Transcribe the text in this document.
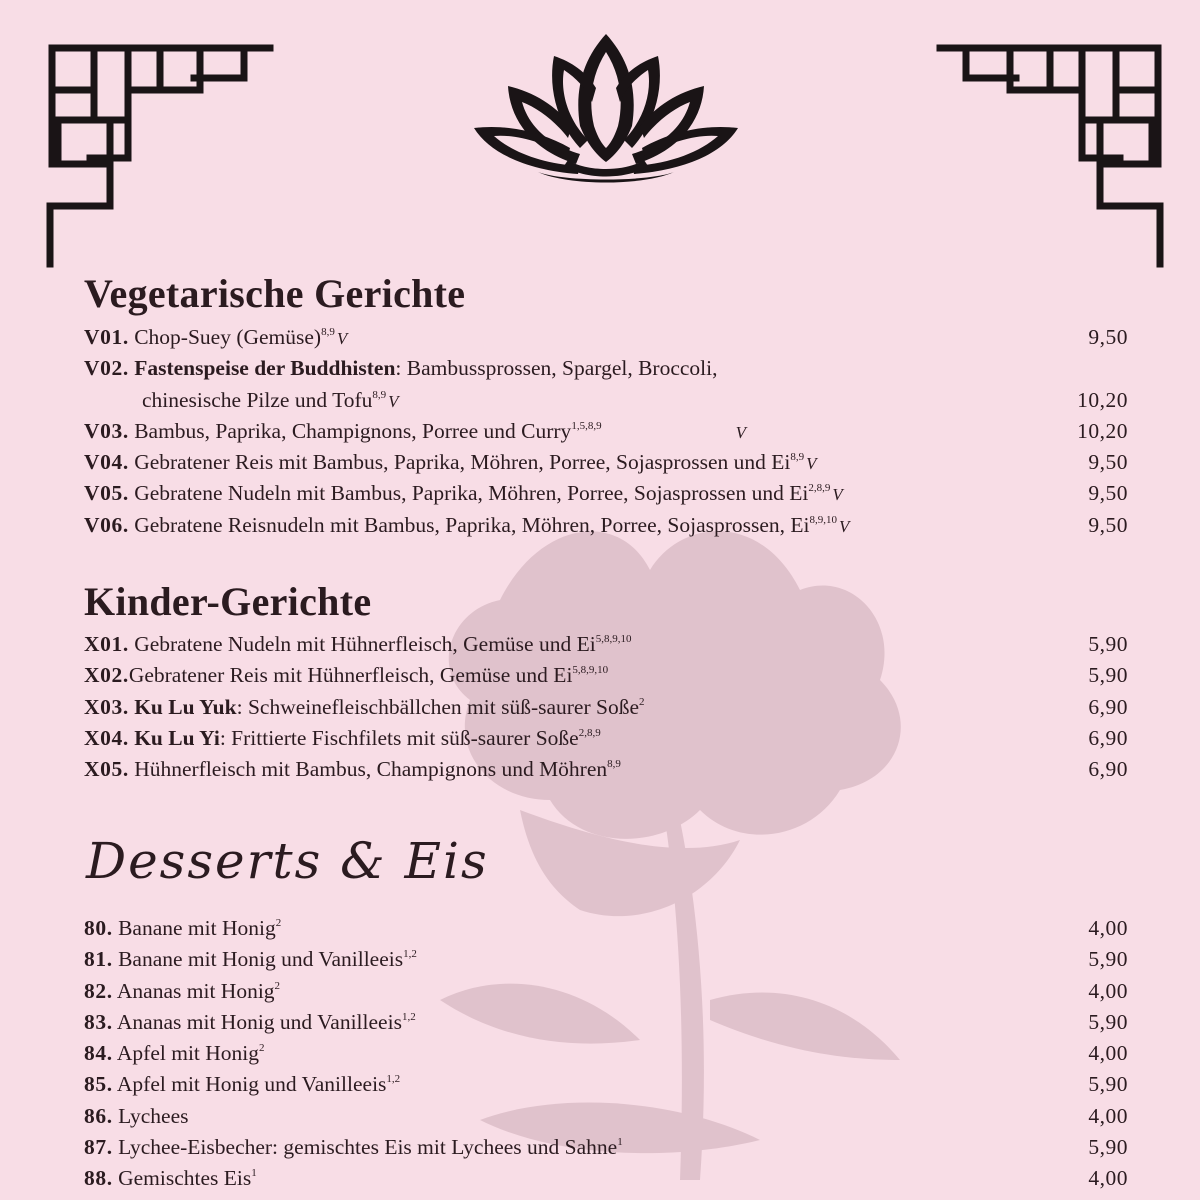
Vegetarische Gerichte
V01. Chop-Suey (Gemüse)$^{8,9}$ V	9,50
V02. Fastenspeise der Buddhisten: Bambussprossen, Spargel, Broccoli,
chinesische Pilze und Tofu$^{8,9}$ V	10,20
V03. Bambus, Paprika, Champignons, Porree und Curry$^{1,5,8,9}$	V	10,20
V04. Gebratener Reis mit Bambus, Paprika, Möhren, Porree, Sojasprossen und Ei$^{8,9}$ V	9,50
V05. Gebratene Nudeln mit Bambus, Paprika, Möhren, Porree, Sojasprossen und Ei$^{2,8,9}$ V	9,50
V06. Gebratene Reisnudeln mit Bambus, Paprika, Möhren, Porree, Sojasprossen, Ei$^{8,9,10}$ V	9,50
Kinder-Gerichte
X01. Gebratene Nudeln mit Hühnerfleisch, Gemüse und Ei$^{5,8,9,10}$	5,90
X02.Gebratener Reis mit Hühnerfleisch, Gemüse und Ei$^{5,8,9,10}$	5,90
X03. Ku Lu Yuk: Schweinefleischbällchen mit süß-saurer Soße$^2$	6,90
X04. Ku Lu Yi: Frittierte Fischfilets mit süß-saurer Soße$^{2,8,9}$	6,90
X05. Hühnerfleisch mit Bambus, Champignons und Möhren$^{8,9}$	6,90
Desserts & Eis
80. Banane mit Honig$^2$	4,00
81. Banane mit Honig und Vanilleeis$^{1,2}$	5,90
82. Ananas mit Honig$^2$	4,00
83. Ananas mit Honig und Vanilleeis$^{1,2}$	5,90
84. Apfel mit Honig$^2$	4,00
85. Apfel mit Honig und Vanilleeis$^{1,2}$	5,90
86. Lychees	4,00
87. Lychee-Eisbecher: gemischtes Eis mit Lychees und Sahne$^1$	5,90
88. Gemischtes Eis$^1$	4,00
